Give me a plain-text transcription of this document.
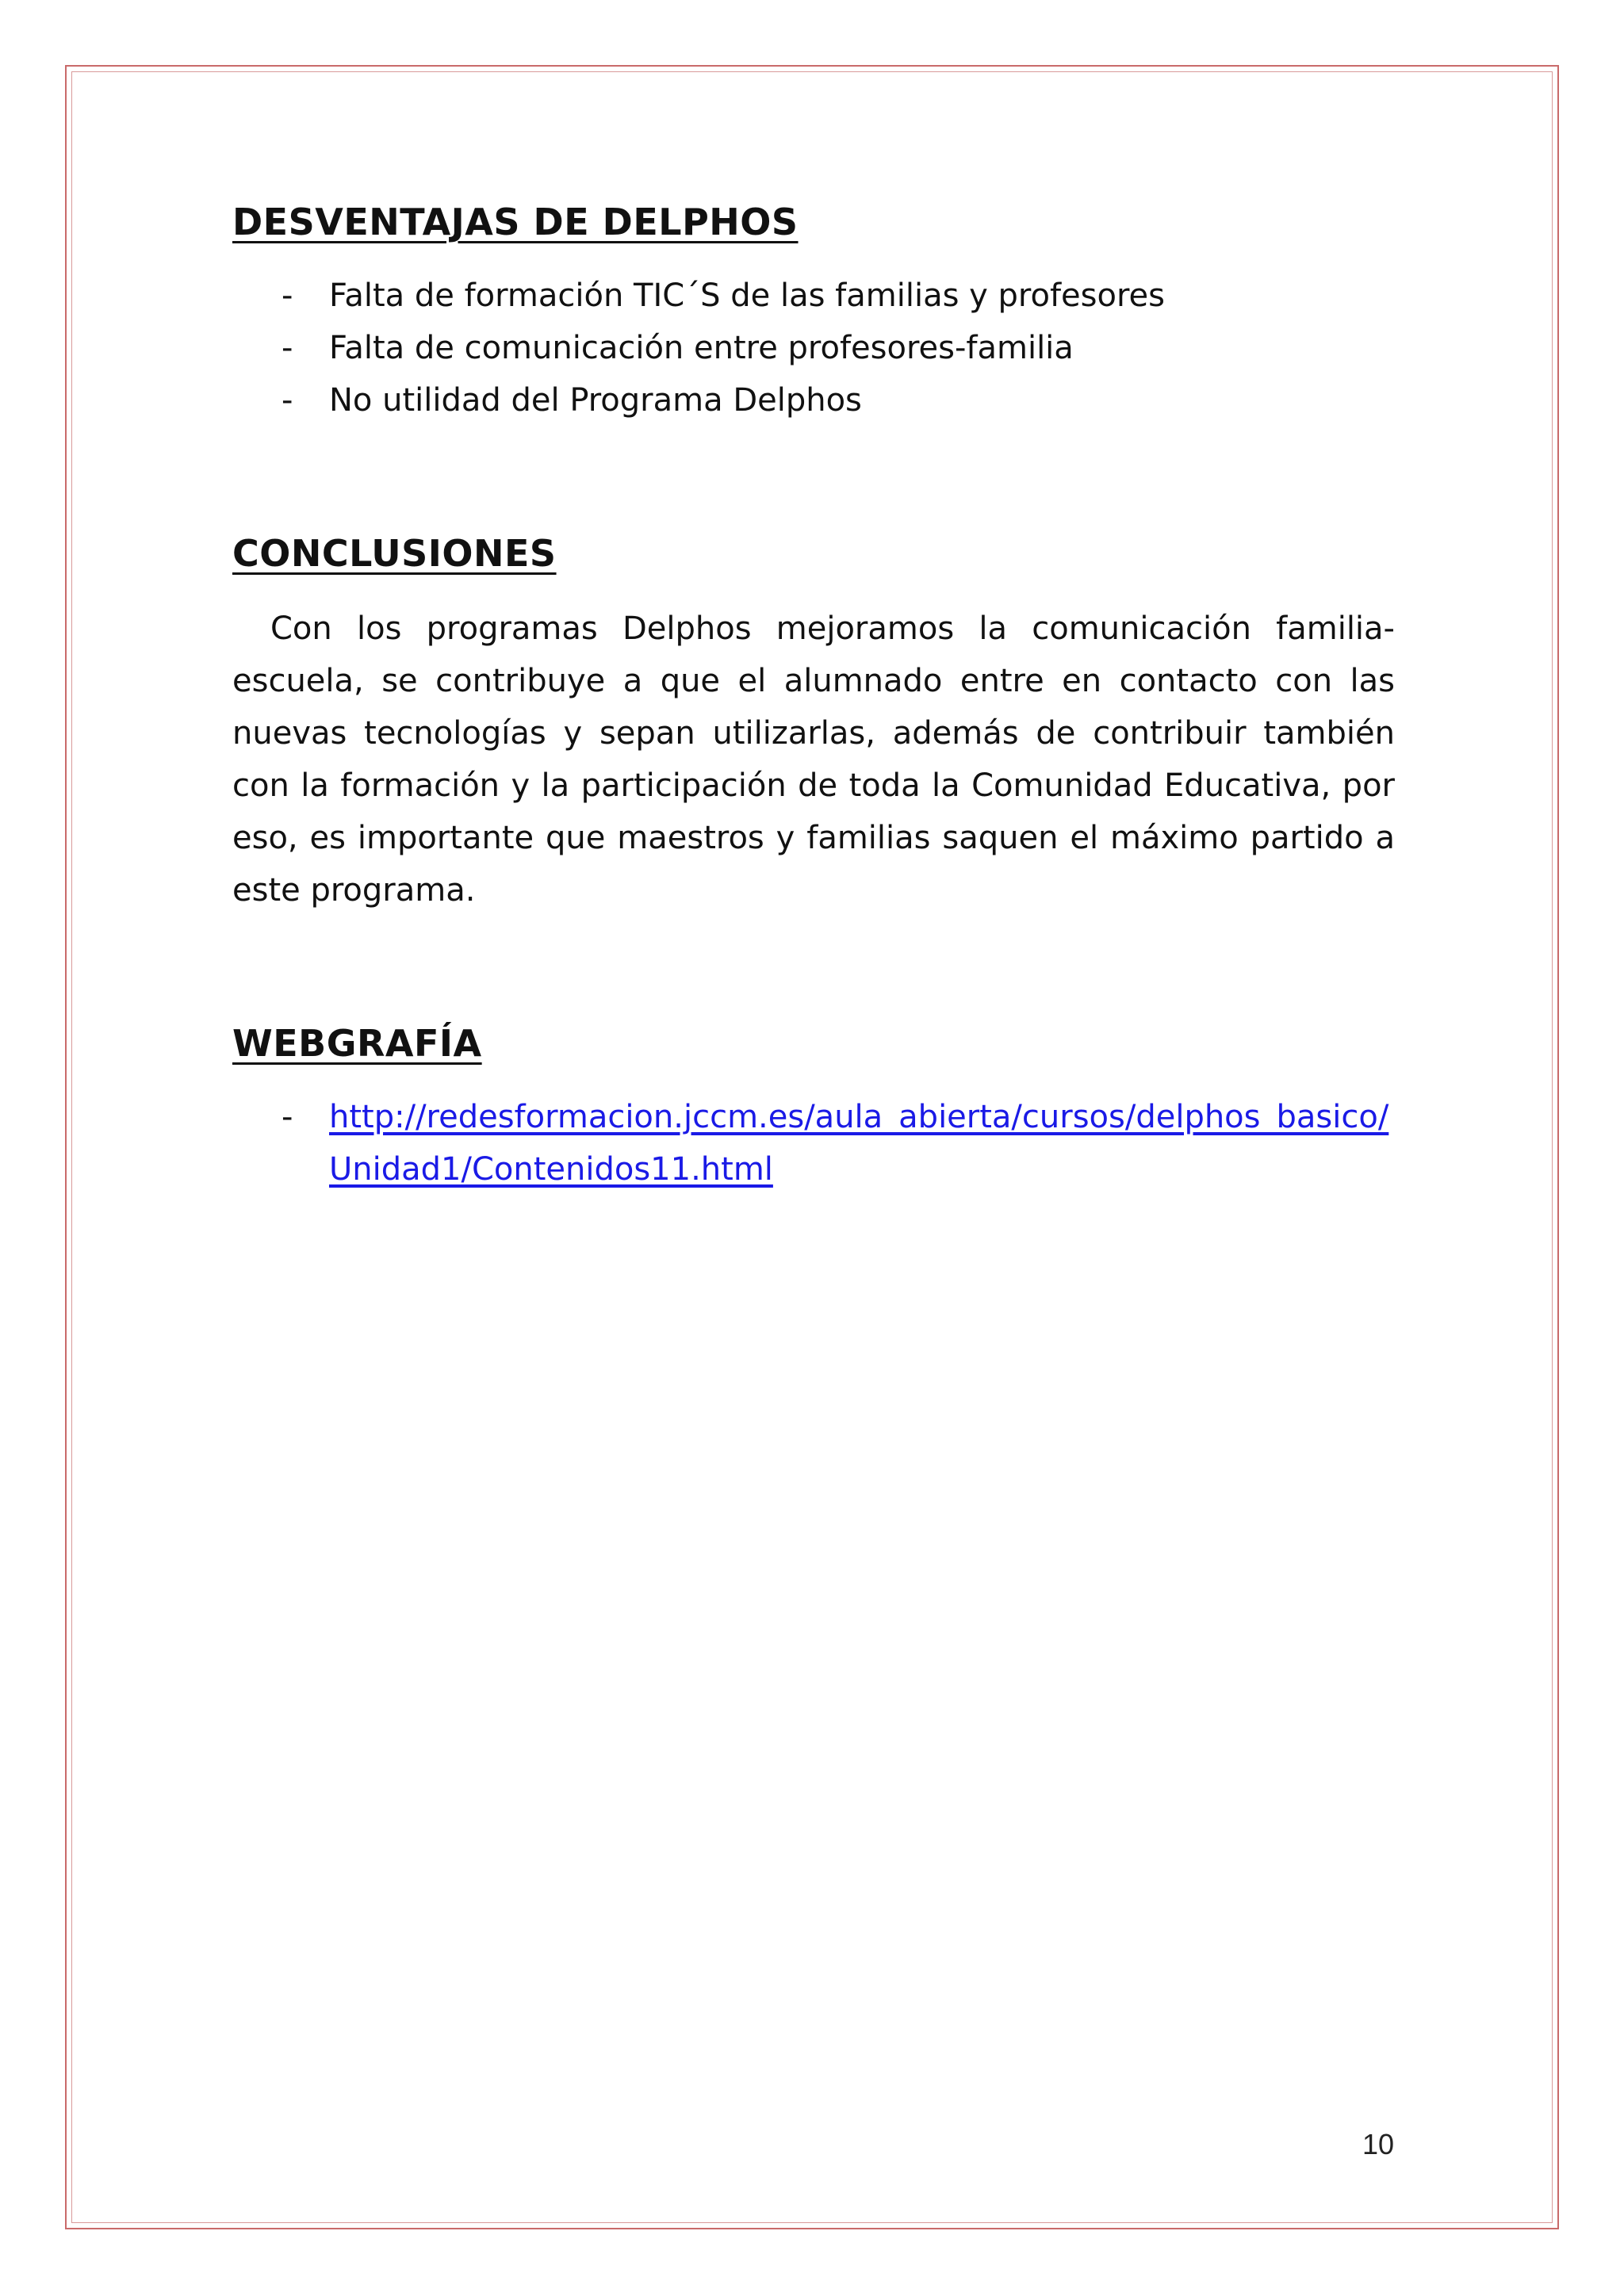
DESVENTAJAS DE DELPHOS
- Falta de formación TIC´S de las familias y profesores
- Falta de comunicación entre profesores-familia
- No utilidad del Programa Delphos
CONCLUSIONES

Con los programas Delphos mejoramos la comunicación familia-escuela, se contribuye a que el alumnado entre en contacto con las nuevas tecnologías y sepan utilizarlas, además de contribuir también con la formación y la participación de toda la Comunidad Educativa, por eso, es importante que maestros y familias saquen el máximo partido a este programa.

WEBGRAFÍA
- http://redesformacion.jccm.es/aula_abierta/cursos/delphos_basico/Unidad1/Contenidos11.html
10
